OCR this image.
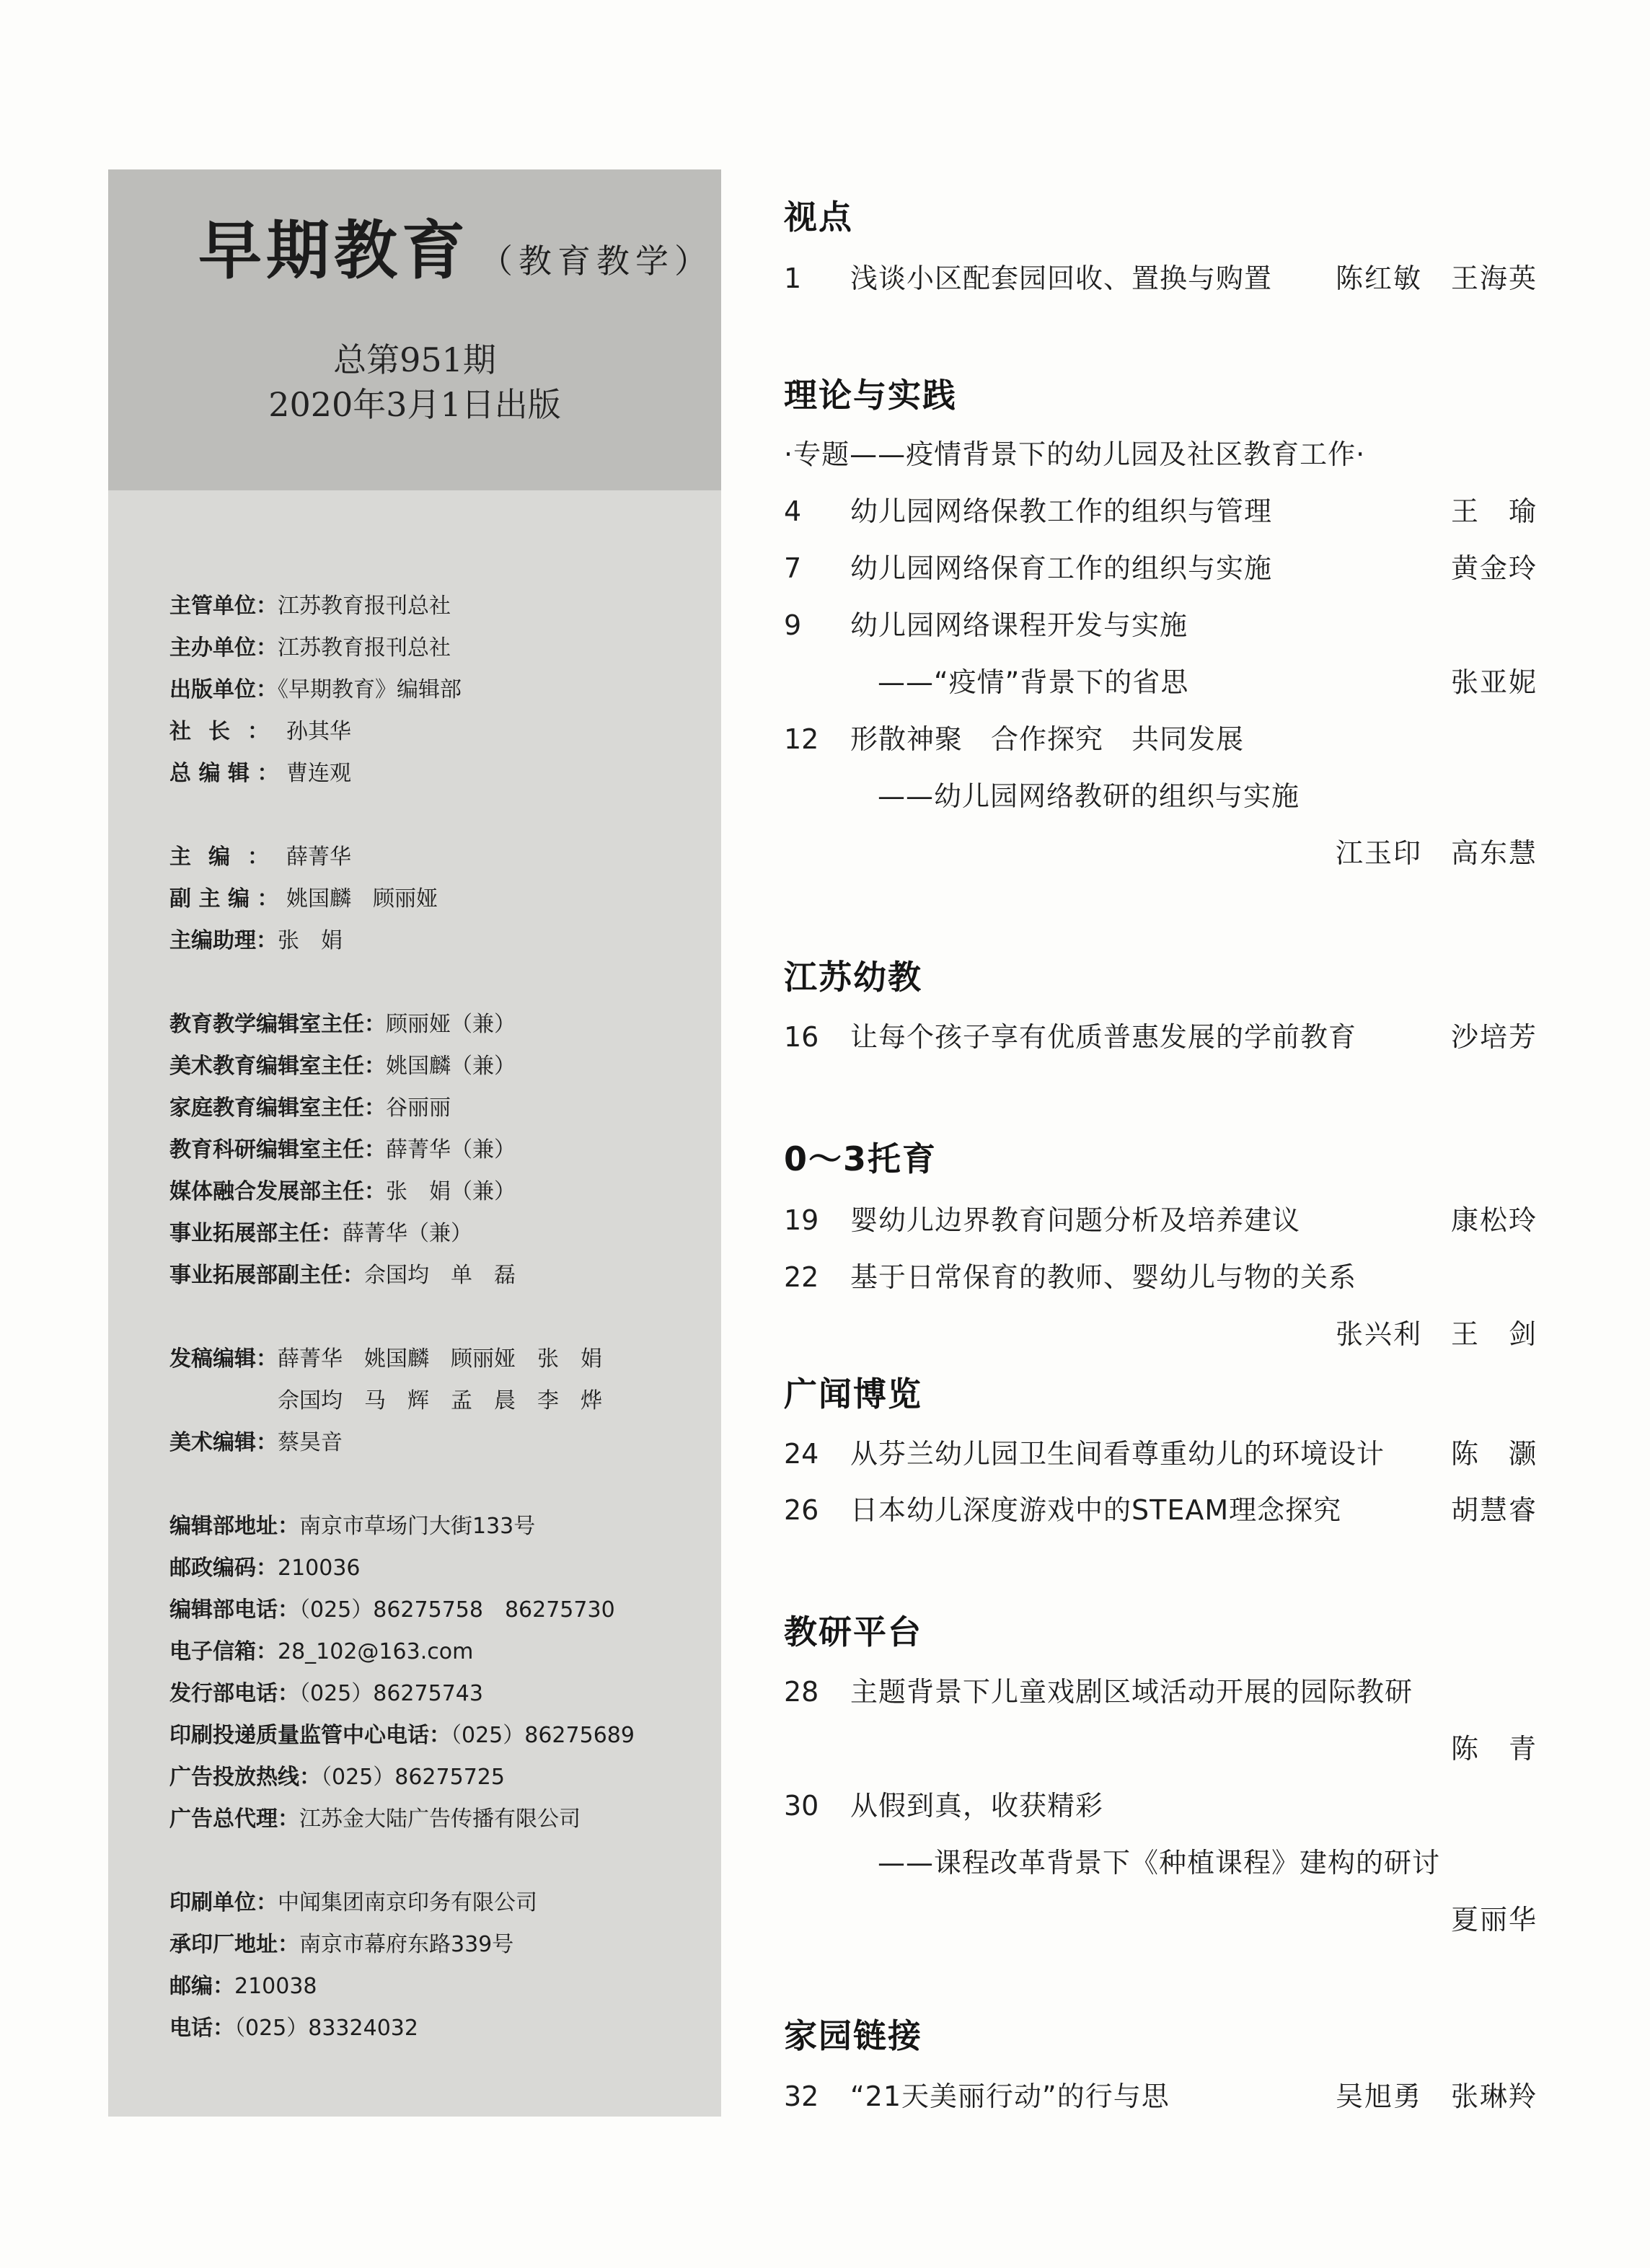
早期教育 （教育教学）
总第951期
2020年3月1日出版
主管单位：江苏教育报刊总社
主办单位：江苏教育报刊总社
出版单位：《早期教育》编辑部
社长：孙其华
总编辑：曹连观
主编：薛菁华
副主编：姚国麟　顾丽娅
主编助理：张　娟
教育教学编辑室主任：顾丽娅（兼）
美术教育编辑室主任：姚国麟（兼）
家庭教育编辑室主任：谷丽丽
教育科研编辑室主任：薛菁华（兼）
媒体融合发展部主任：张　娟（兼）
事业拓展部主任：薛菁华（兼）
事业拓展部副主任：佘国均　单　磊
发稿编辑：薛菁华　姚国麟　顾丽娅　张　娟
佘国均　马　辉　孟　晨　李　烨
美术编辑：蔡昊音
编辑部地址：南京市草场门大街133号
邮政编码：210036
编辑部电话：（025）86275758　86275730
电子信箱：28_102@163.com
发行部电话：（025）86275743
印刷投递质量监管中心电话：（025）86275689
广告投放热线：（025）86275725
广告总代理：江苏金大陆广告传播有限公司
印刷单位：中闻集团南京印务有限公司
承印厂地址：南京市幕府东路339号
邮编：210038
电话：（025）83324032
视点
1 浅谈小区配套园回收、置换与购置 陈红敏　王海英
理论与实践
·专题——疫情背景下的幼儿园及社区教育工作·
4 幼儿园网络保教工作的组织与管理	王　瑜
7 幼儿园网络保育工作的组织与实施	黄金玲
9 幼儿园网络课程开发与实施
——“疫情”背景下的省思	张亚妮
12 形散神聚　合作探究　共同发展
——幼儿园网络教研的组织与实施
江玉印　高东慧
江苏幼教
16 让每个孩子享有优质普惠发展的学前教育	沙培芳
0～3托育
19 婴幼儿边界教育问题分析及培养建议	康松玲
22 基于日常保育的教师、婴幼儿与物的关系
张兴利　王　剑
广闻博览
24 从芬兰幼儿园卫生间看尊重幼儿的环境设计 陈　灏
26 日本幼儿深度游戏中的STEAM理念探究	胡慧睿
教研平台
28 主题背景下儿童戏剧区域活动开展的园际教研
陈　青
30 从假到真，收获精彩
——课程改革背景下《种植课程》建构的研讨
夏丽华
家园链接
32 “21天美丽行动”的行与思	吴旭勇　张琳羚
